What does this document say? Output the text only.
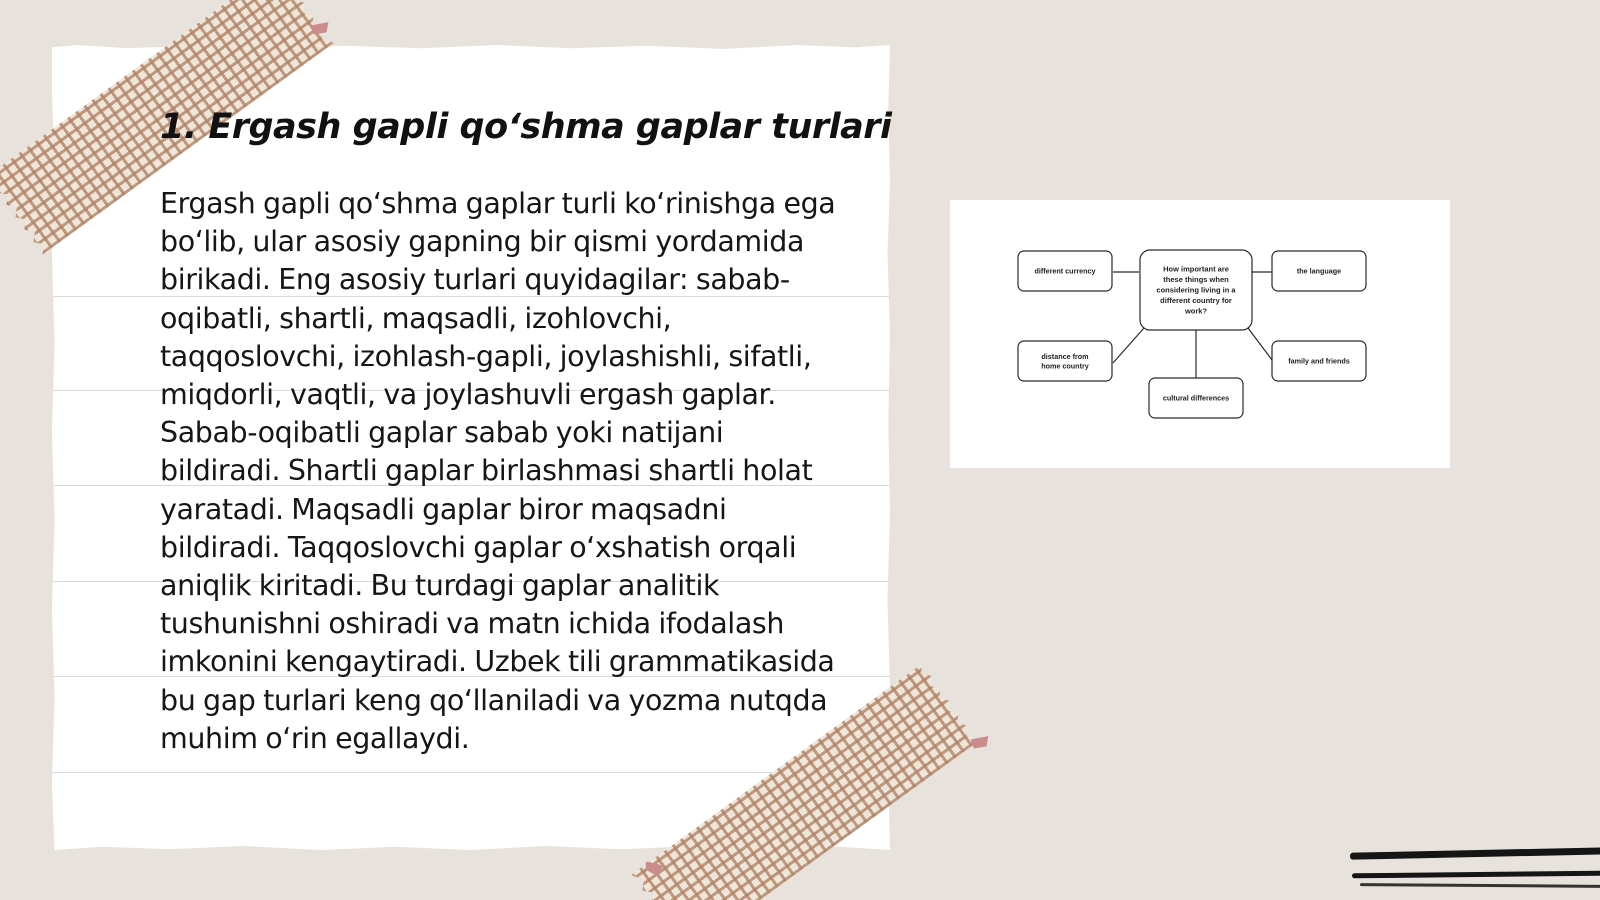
1. Ergash gapli qo‘shma gaplar turlari

Ergash gapli qo‘shma gaplar turli ko‘rinishga ega bo‘lib, ular asosiy gapning bir qismi yordamida birikadi. Eng asosiy turlari quyidagilar: sabab-oqibatli, shartli, maqsadli, izohlovchi, taqqoslovchi, izohlash-gapli, joylashishli, sifatli, miqdorli, vaqtli, va joylashuvli ergash gaplar. Sabab-oqibatli gaplar sabab yoki natijani bildiradi. Shartli gaplar birlashmasi shartli holat yaratadi. Maqsadli gaplar biror maqsadni bildiradi. Taqqoslovchi gaplar o‘xshatish orqali aniqlik kiritadi. Bu turdagi gaplar analitik tushunishni oshiradi va matn ichida ifodalash imkonini kengaytiradi. Uzbek tili grammatikasida bu gap turlari keng qo‘llaniladi va yozma nutqda muhim o‘rin egallaydi.

How important are these things when considering living in a different country for work?
different currency	the language
distance from home country
family and friends
cultural differences
